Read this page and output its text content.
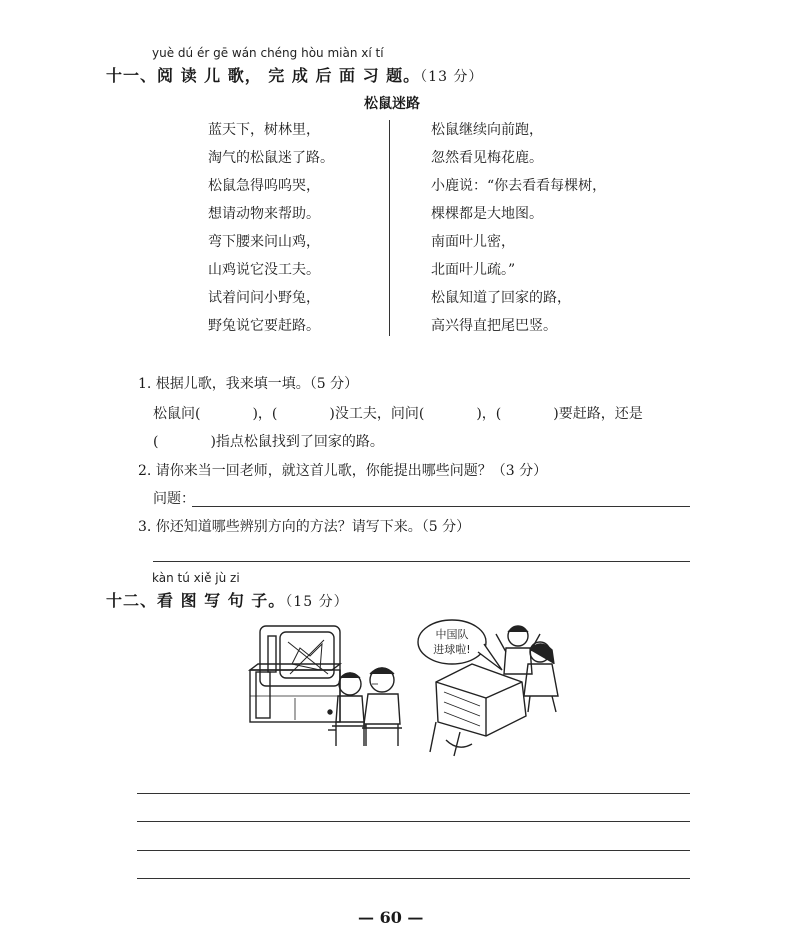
yuè dú ér gē wán chéng hòu miàn xí tí
十一、阅 读 儿 歌， 完 成 后 面 习 题。（13 分）
松鼠迷路
蓝天下，树林里，
淘气的松鼠迷了路。
松鼠急得呜呜哭，
想请动物来帮助。
弯下腰来问山鸡，
山鸡说它没工夫。
试着问问小野兔，
野兔说它要赶路。
松鼠继续向前跑，
忽然看见梅花鹿。
小鹿说：“你去看看每棵树，
棵棵都是大地图。
南面叶儿密，
北面叶儿疏。”
松鼠知道了回家的路，
高兴得直把尾巴竖。
1. 根据儿歌，我来填一填。（5 分）
松鼠问(	)，(	)没工夫，问问(	)，(	)要赶路，还是
(	)指点松鼠找到了回家的路。
2. 请你来当一回老师，就这首儿歌，你能提出哪些问题？（3 分）
问题：
3. 你还知道哪些辨别方向的方法？请写下来。（5 分）
kàn tú xiě jù zi
十二、看 图 写 句 子。（15 分）
中国队
进球啦!
— 60 —
